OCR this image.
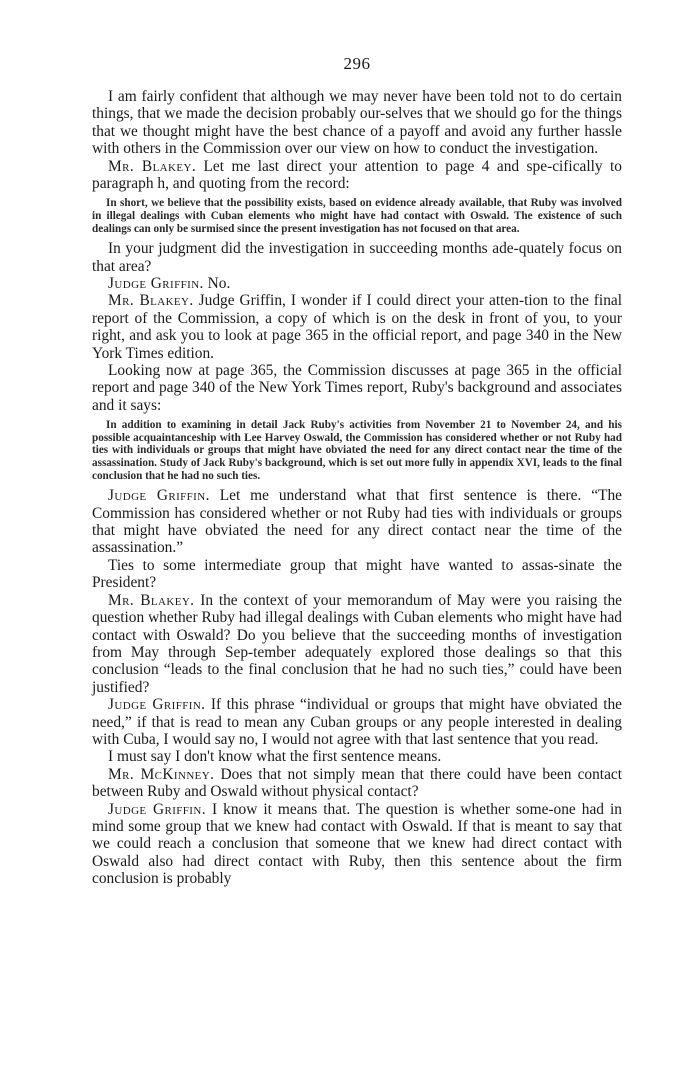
296

I am fairly confident that although we may never have been told not to do certain things, that we made the decision probably our-selves that we should go for the things that we thought might have the best chance of a payoff and avoid any further hassle with others in the Commission over our view on how to conduct the investigation.

Mr. Blakey. Let me last direct your attention to page 4 and spe-cifically to paragraph h, and quoting from the record:

In short, we believe that the possibility exists, based on evidence already available, that Ruby was involved in illegal dealings with Cuban elements who might have had contact with Oswald. The existence of such dealings can only be surmised since the present investigation has not focused on that area.

In your judgment did the investigation in succeeding months ade-quately focus on that area?

Judge Griffin. No.

Mr. Blakey. Judge Griffin, I wonder if I could direct your atten-tion to the final report of the Commission, a copy of which is on the desk in front of you, to your right, and ask you to look at page 365 in the official report, and page 340 in the New York Times edition.

Looking now at page 365, the Commission discusses at page 365 in the official report and page 340 of the New York Times report, Ruby's background and associates and it says:

In addition to examining in detail Jack Ruby's activities from November 21 to November 24, and his possible acquaintanceship with Lee Harvey Oswald, the Commission has considered whether or not Ruby had ties with individuals or groups that might have obviated the need for any direct contact near the time of the assassination. Study of Jack Ruby's background, which is set out more fully in appendix XVI, leads to the final conclusion that he had no such ties.

Judge Griffin. Let me understand what that first sentence is there. “The Commission has considered whether or not Ruby had ties with individuals or groups that might have obviated the need for any direct contact near the time of the assassination.”

Ties to some intermediate group that might have wanted to assas-sinate the President?

Mr. Blakey. In the context of your memorandum of May were you raising the question whether Ruby had illegal dealings with Cuban elements who might have had contact with Oswald? Do you believe that the succeeding months of investigation from May through Sep-tember adequately explored those dealings so that this conclusion “leads to the final conclusion that he had no such ties,” could have been justified?

Judge Griffin. If this phrase “individual or groups that might have obviated the need,” if that is read to mean any Cuban groups or any people interested in dealing with Cuba, I would say no, I would not agree with that last sentence that you read.

I must say I don't know what the first sentence means.

Mr. McKinney. Does that not simply mean that there could have been contact between Ruby and Oswald without physical contact?

Judge Griffin. I know it means that. The question is whether some-one had in mind some group that we knew had contact with Oswald. If that is meant to say that we could reach a conclusion that someone that we knew had direct contact with Oswald also had direct contact with Ruby, then this sentence about the firm conclusion is probably
